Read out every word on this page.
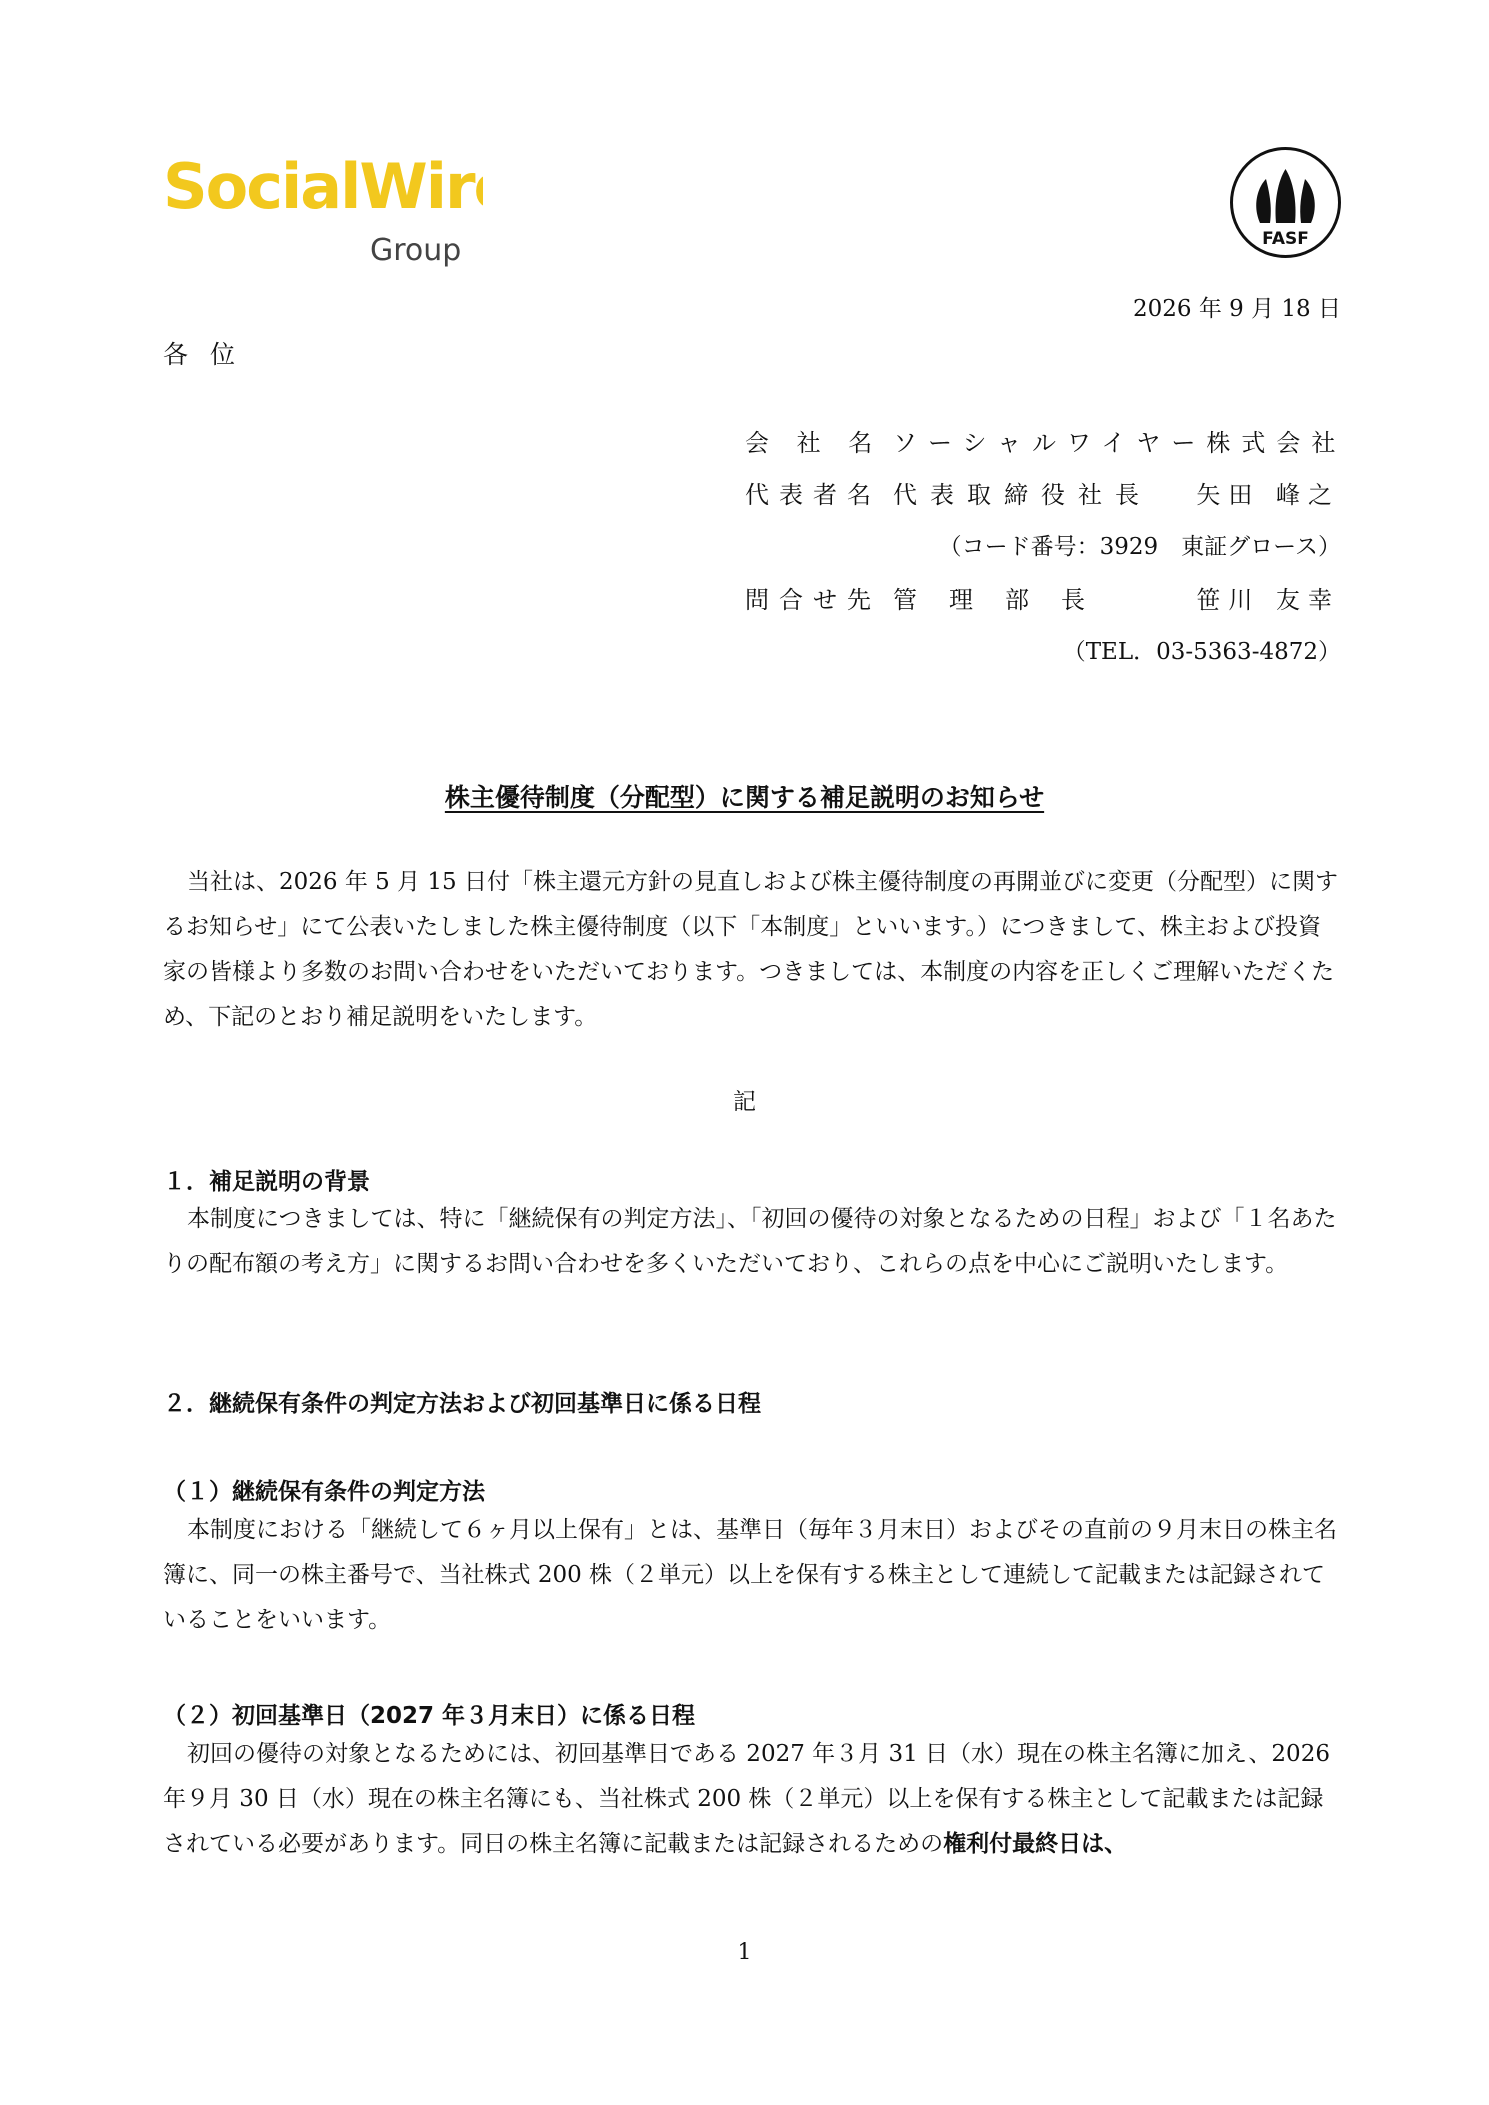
SocialWire
Group	FASF
2026 年 9 月 18 日
各位
会 社 名 ソーシャルワイヤー株式会社
代表者名 代表取締役社長 矢田 峰之
（コード番号：3929　東証グロース）
問合せ先 管　理　部　長	笹川 友幸
（TEL．03-5363-4872）
株主優待制度（分配型）に関する補足説明のお知らせ

当社は、2026 年 5 月 15 日付「株主還元方針の見直しおよび株主優待制度の再開並びに変更（分配型）に関するお知らせ」にて公表いたしました株主優待制度（以下「本制度」といいます。）につきまして、株主および投資家の皆様より多数のお問い合わせをいただいております。つきましては、本制度の内容を正しくご理解いただくため、下記のとおり補足説明をいたします。

記
１．補足説明の背景

本制度につきましては、特に「継続保有の判定方法」、「初回の優待の対象となるための日程」および「１名あたりの配布額の考え方」に関するお問い合わせを多くいただいており、これらの点を中心にご説明いたします。

２．継続保有条件の判定方法および初回基準日に係る日程
（１）継続保有条件の判定方法

本制度における「継続して６ヶ月以上保有」とは、基準日（毎年３月末日）およびその直前の９月末日の株主名簿に、同一の株主番号で、当社株式 200 株（２単元）以上を保有する株主として連続して記載または記録されていることをいいます。

（２）初回基準日（2027 年３月末日）に係る日程

初回の優待の対象となるためには、初回基準日である 2027 年３月 31 日（水）現在の株主名簿に加え、2026 年９月 30 日（水）現在の株主名簿にも、当社株式 200 株（２単元）以上を保有する株主として記載または記録されている必要があります。同日の株主名簿に記載または記録されるための権利付最終日は、

1
